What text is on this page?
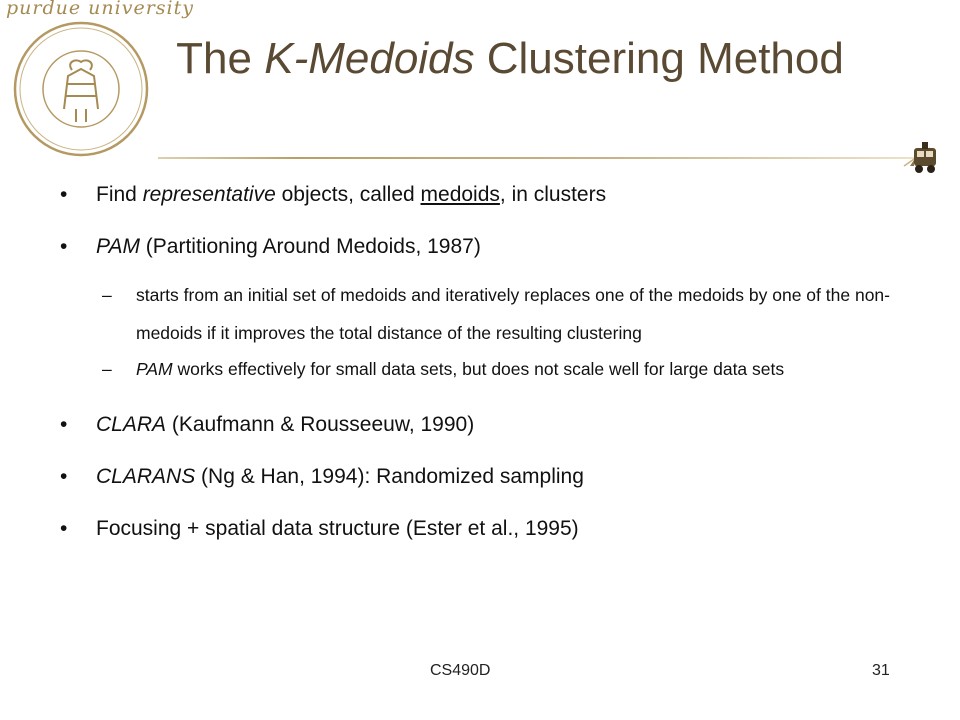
purdue university
The K-Medoids Clustering Method
• Find representative objects, called medoids, in clusters
• PAM (Partitioning Around Medoids, 1987)
– starts from an initial set of medoids and iteratively replaces one of the medoids by one of the non-medoids if it improves the total distance of the resulting clustering
– PAM works effectively for small data sets, but does not scale well for large data sets
• CLARA (Kaufmann & Rousseeuw, 1990)
• CLARANS (Ng & Han, 1994): Randomized sampling
• Focusing + spatial data structure (Ester et al., 1995)
CS490D	31
